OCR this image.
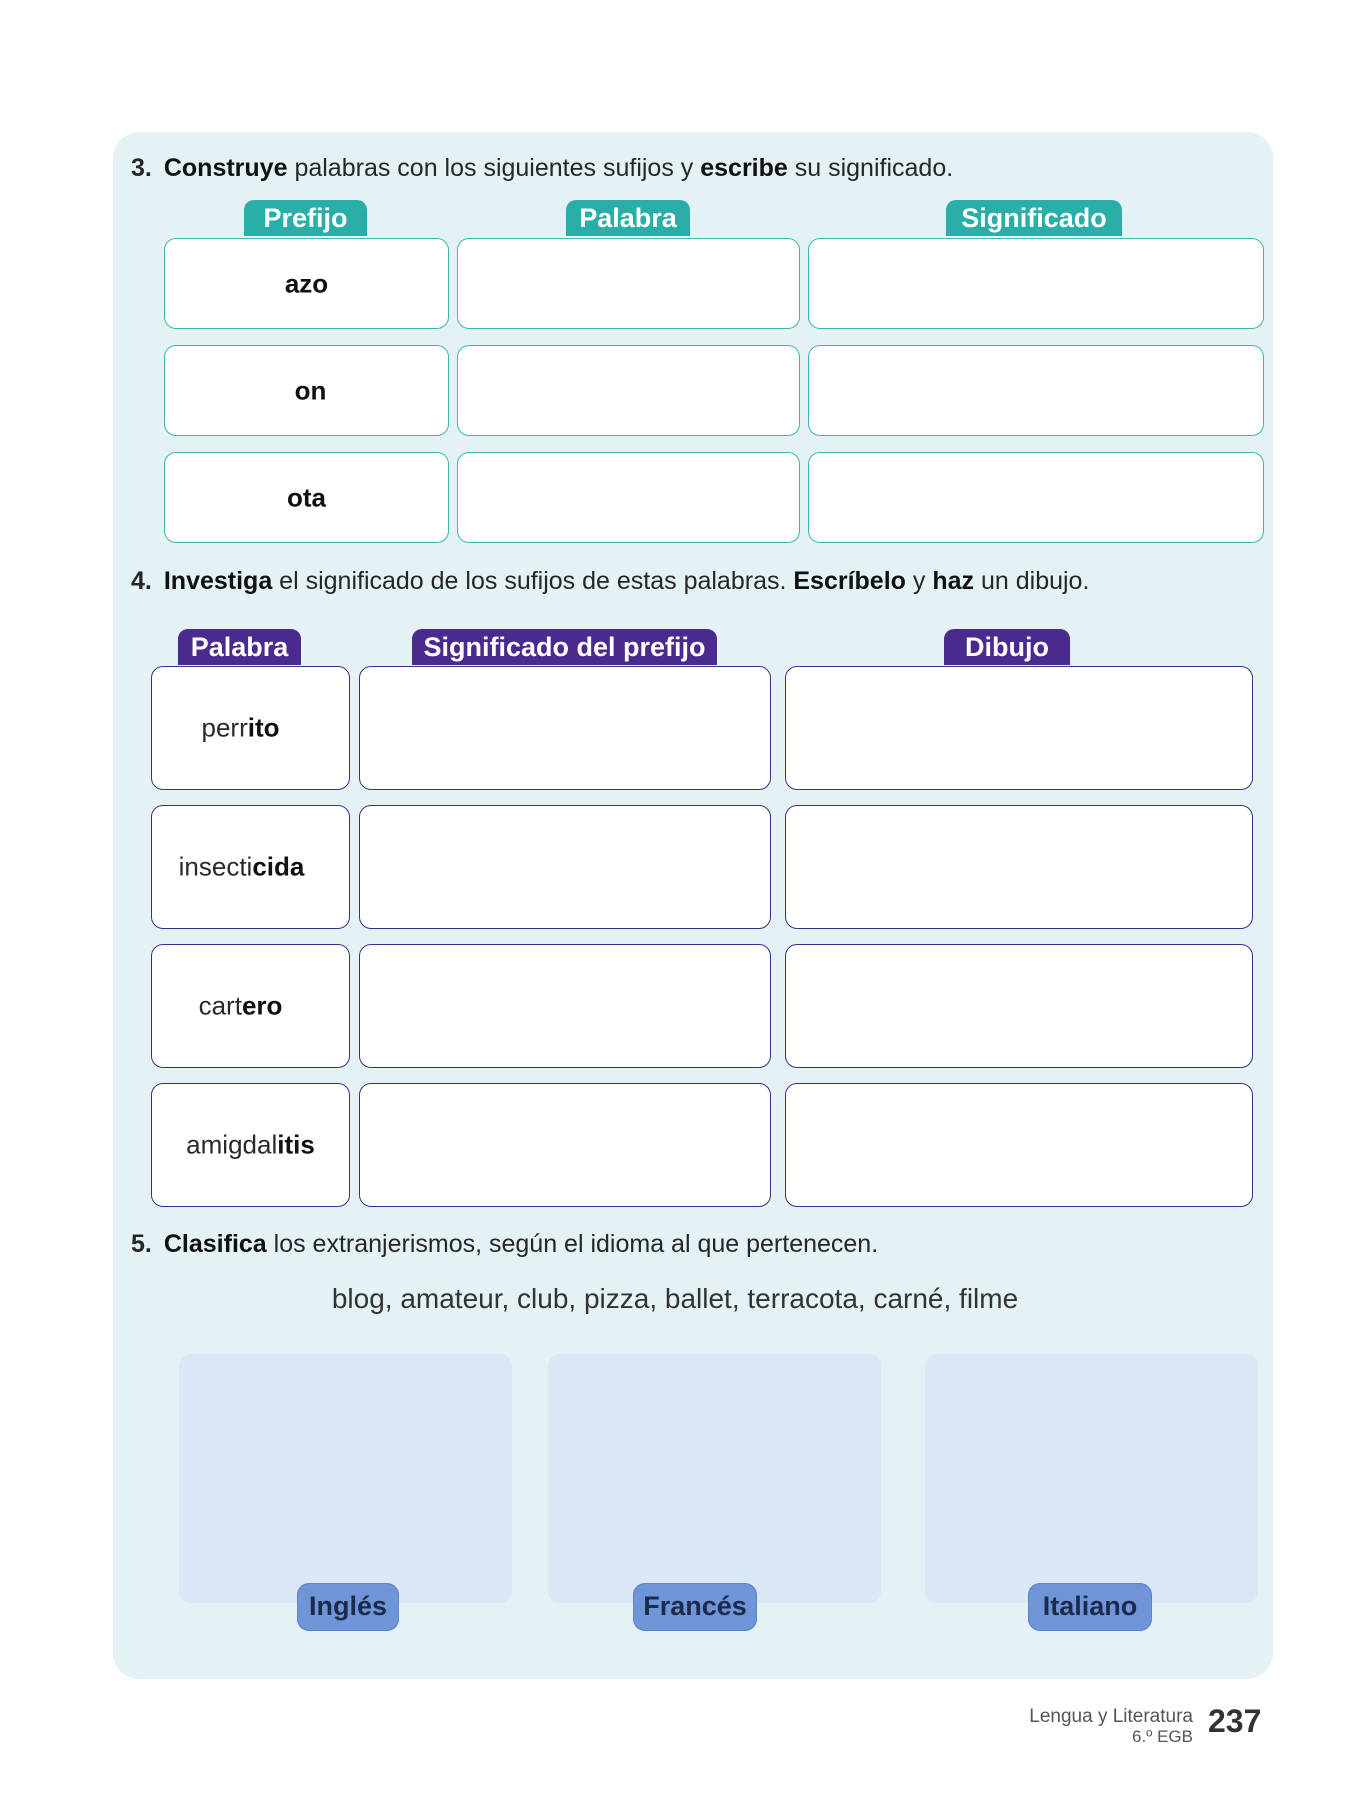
3. Construye palabras con los siguientes sufijos y escribe su significado.
Prefijo	Palabra	Significado
azo
on
ota
4. Investiga el significado de los sufijos de estas palabras. Escríbelo y haz un dibujo.
Palabra	Significado del prefijo	Dibujo
perrito
insecticida
cartero
amigdalitis
5. Clasifica los extranjerismos, según el idioma al que pertenecen.
blog, amateur, club, pizza, ballet, terracota, carné, filme
Inglés	Francés	Italiano
Lengua y Literatura
6.º EGB 237
